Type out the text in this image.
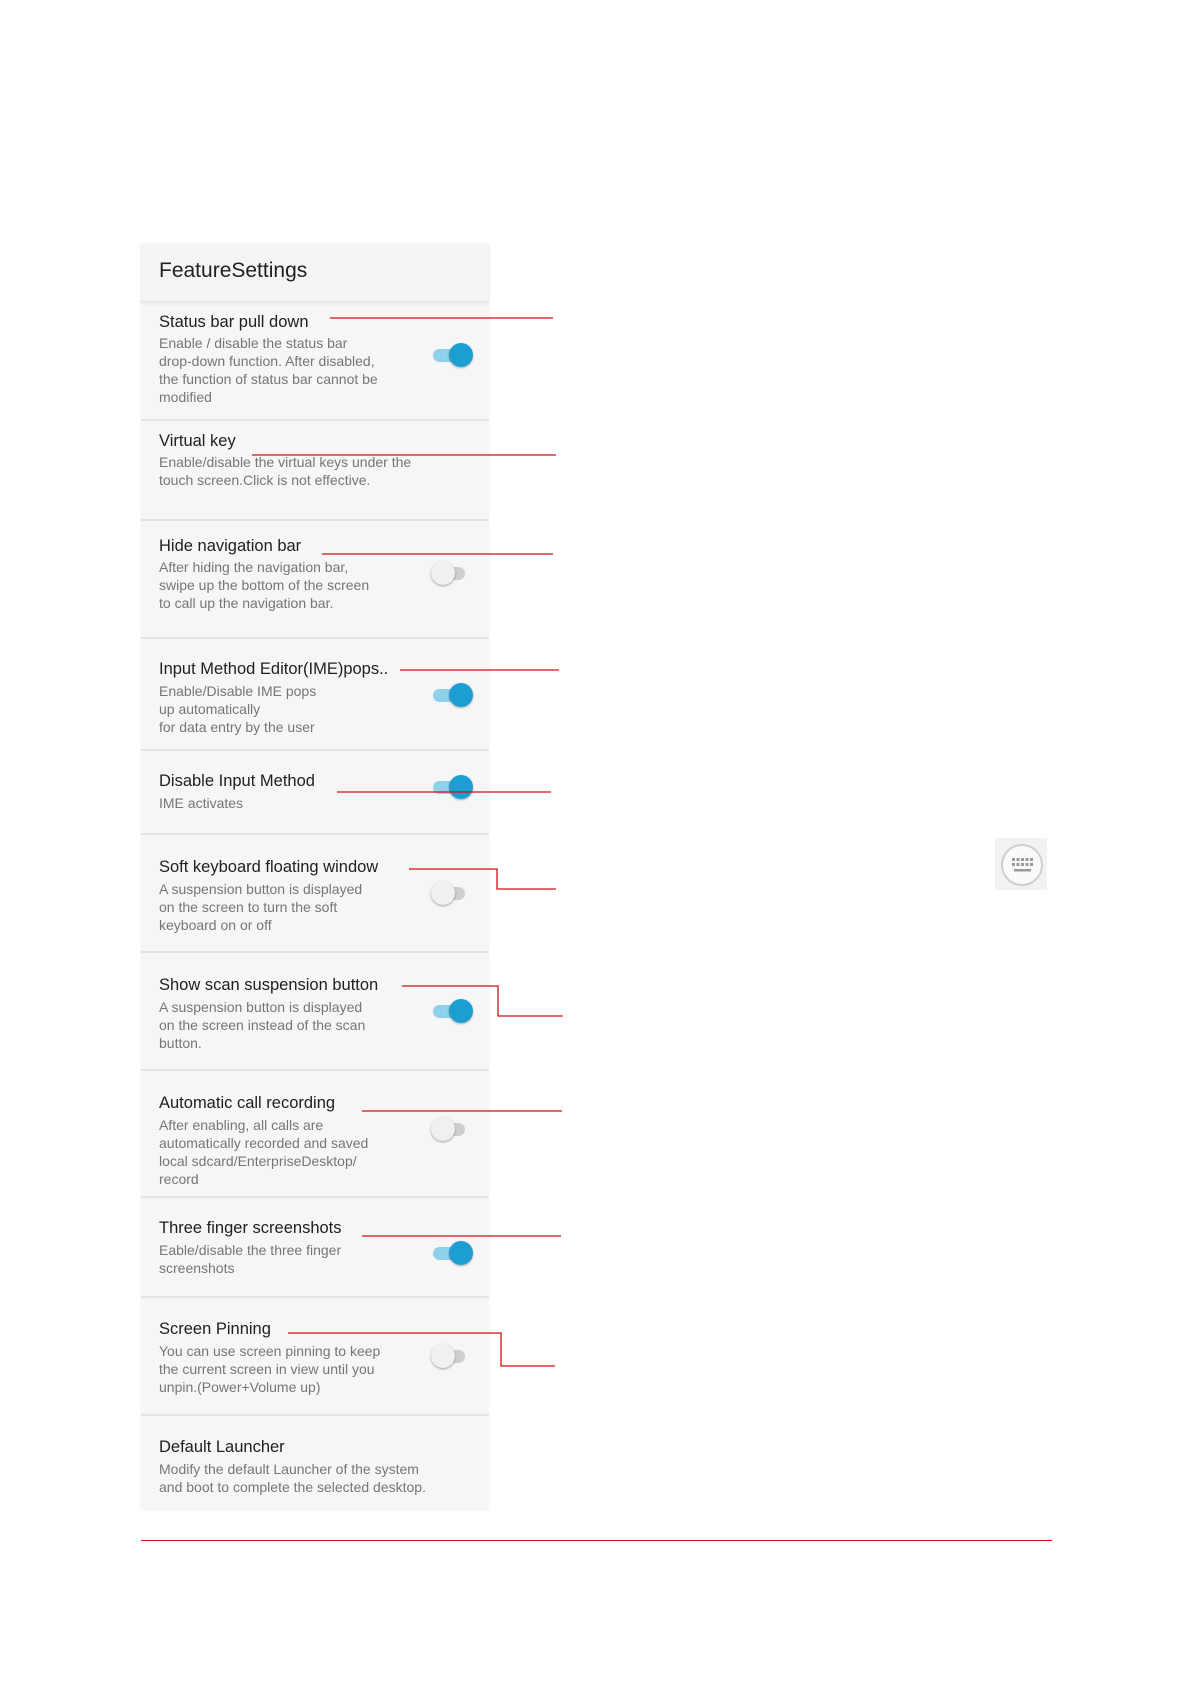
FeatureSettings
Status bar pull down
Enable / disable the status bar
drop-down function. After disabled,
the function of status bar cannot be
modified
Virtual key
Enable/disable the virtual keys under the
touch screen.Click is not effective.
Hide navigation bar
After hiding the navigation bar,
swipe up the bottom of the screen
to call up the navigation bar.
Input Method Editor(IME)pops..
Enable/Disable IME pops
up automatically
for data entry by the user
Disable Input Method
IME activates
Soft keyboard floating window
A suspension button is displayed
on the screen to turn the soft
keyboard on or off
Show scan suspension button
A suspension button is displayed
on the screen instead of the scan
button.
Automatic call recording
After enabling, all calls are
automatically recorded and saved
local sdcard/EnterpriseDesktop/
record
Three finger screenshots
Eable/disable the three finger
screenshots
Screen Pinning
You can use screen pinning to keep
the current screen in view until you
unpin.(Power+Volume up)
Default Launcher
Modify the default Launcher of the system
and boot to complete the selected desktop.
